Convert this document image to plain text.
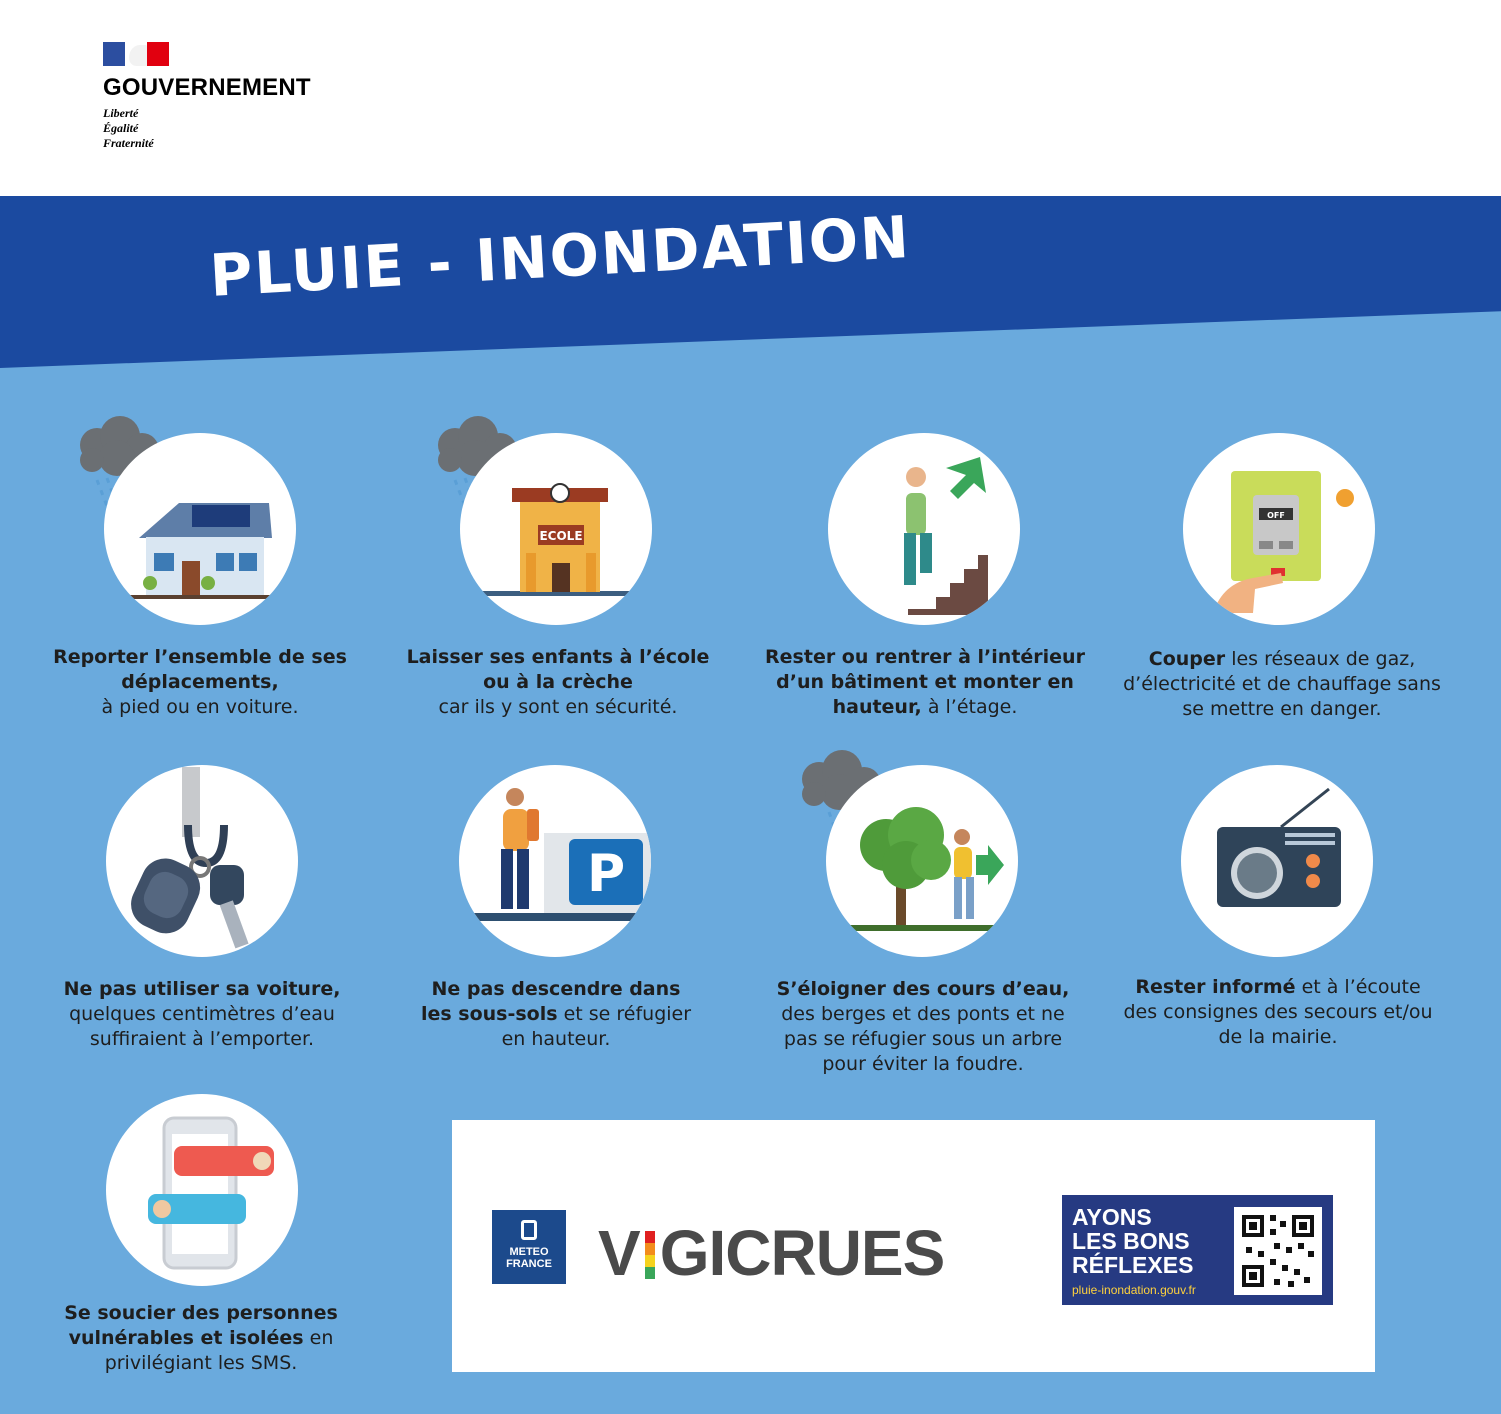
GOUVERNEMENT
Liberté
Égalité
Fraternité
PLUIE - INONDATION
ECOLE
OFF
Reporter l’ensemble de ses déplacements,
à pied ou en voiture.
Laisser ses enfants à l’école ou à la crèche
car ils y sont en sécurité.
Rester ou rentrer à l’intérieur d’un bâtiment et monter en hauteur, à l’étage.
Couper les réseaux de gaz, d’électricité et de chauffage sans se mettre en danger.
P
Ne pas utiliser sa voiture,
quelques centimètres d’eau suffiraient à l’emporter.
Ne pas descendre dans les sous-sols et se réfugier en hauteur.
S’éloigner des cours d’eau,
des berges et des ponts et ne pas se réfugier sous un arbre pour éviter la foudre.
Rester informé et à l’écoute des consignes des secours et/ou de la mairie.
Se soucier des personnes vulnérables et isolées en privilégiant les SMS.
METEO
FRANCE V GICRUES	AYONS
LES BONS
RÉFLEXES
pluie-inondation.gouv.fr
